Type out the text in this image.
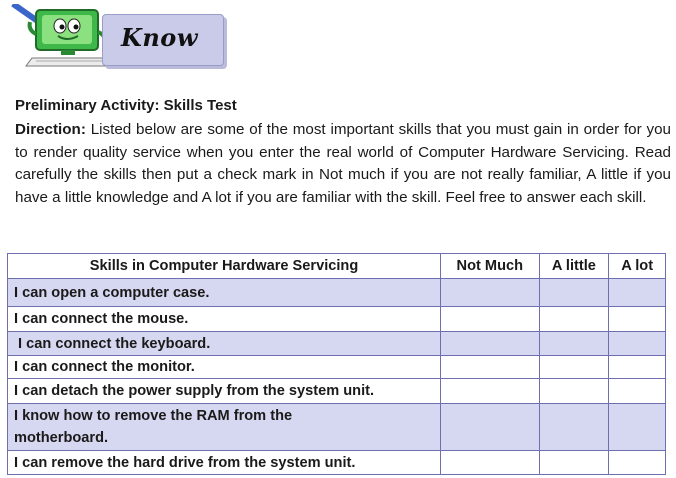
Know
Preliminary Activity: Skills Test
Direction: Listed below are some of the most important skills that you must gain in order for you to render quality service when you enter the real world of Computer Hardware Servicing. Read carefully the skills then put a check mark in Not much if you are not really familiar, A little if you have a little knowledge and A lot if you are familiar with the skill. Feel free to answer each skill.
Skills in Computer Hardware Servicing	Not Much	A little	A lot
I can open a computer case.			
I can connect the mouse.			
I can connect the keyboard.			
I can connect the monitor.			
I can detach the power supply from the system unit.			

I know how to remove the RAM from the motherboard.			

I can remove the hard drive from the system unit.			
